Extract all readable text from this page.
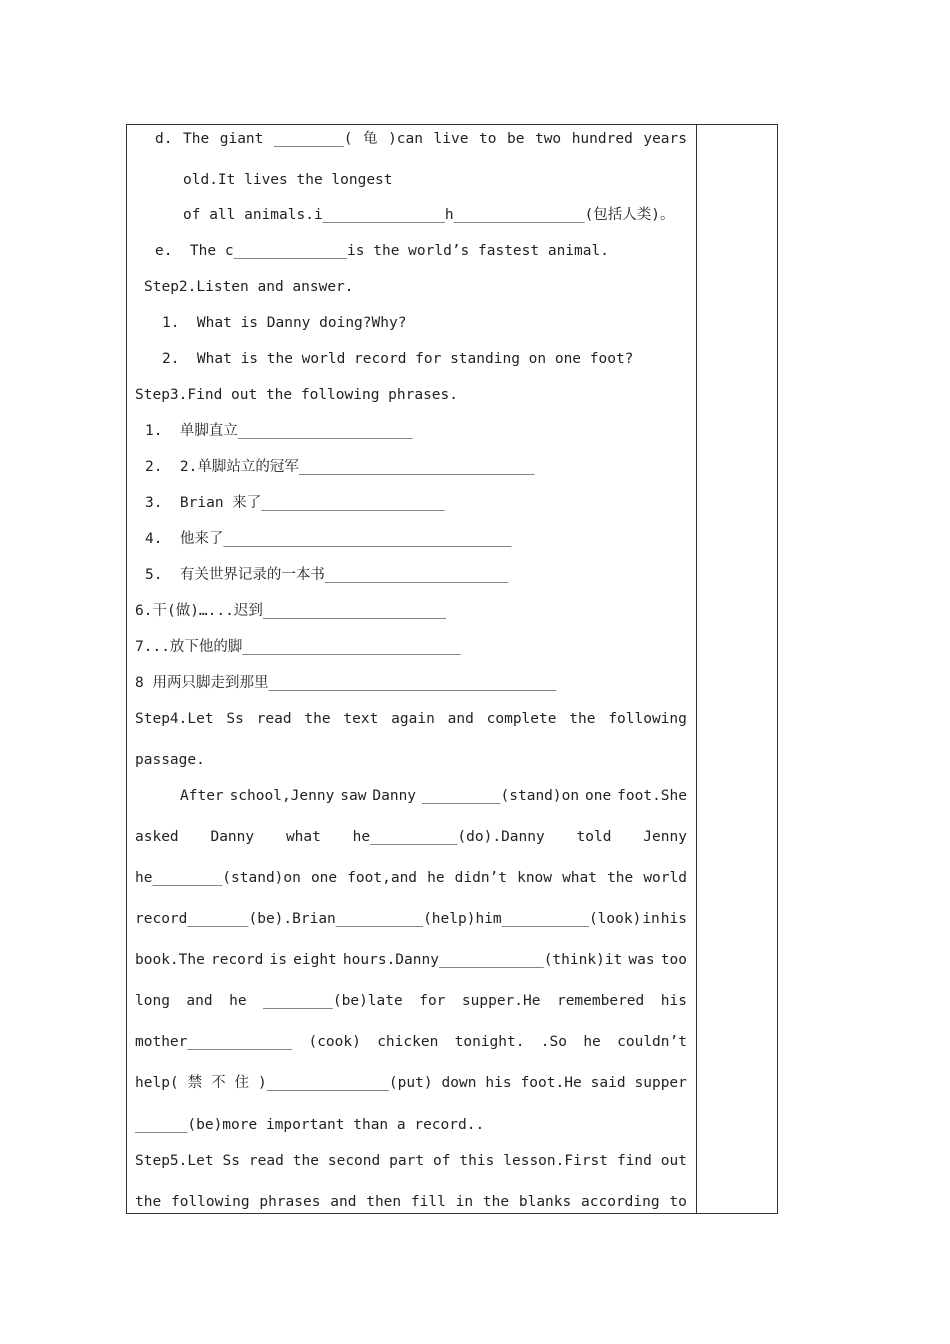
d. The giant ________( 龟 )can live to be two hundred years
old.It lives the longest
of all animals.i______________h_______________(包括人类)。
e.  The c_____________is the world’s fastest animal.
Step2.Listen and answer.
1.  What is Danny doing?Why?
2.  What is the world record for standing on one foot?
Step3.Find out the following phrases.
1.  单脚直立____________________
2.  2.单脚站立的冠军___________________________
3.  Brian 来了_____________________
4.  他来了_________________________________
5.  有关世界记录的一本书_____________________
6.干(做)…...迟到_____________________
7...放下他的脚_________________________
8 用两只脚走到那里_________________________________
Step4.Let Ss read the text again and complete the following
passage.
After school,Jenny saw Danny _________(stand)on one foot.She
asked Danny what he__________(do).Danny told Jenny
he________(stand)on one foot,and he didn’t know what the world
record_______(be).Brian__________(help)him__________(look) in his
book.The record is eight hours.Danny____________(think)it was too
long and he ________(be)late for supper.He remembered his
mother____________ (cook) chicken tonight. .So he couldn’t
help( 禁 不 住 )______________(put) down his foot.He said supper
______(be)more important than a record..
Step5.Let Ss read the second part of this lesson.First find out
the following phrases and then fill in the blanks according to
